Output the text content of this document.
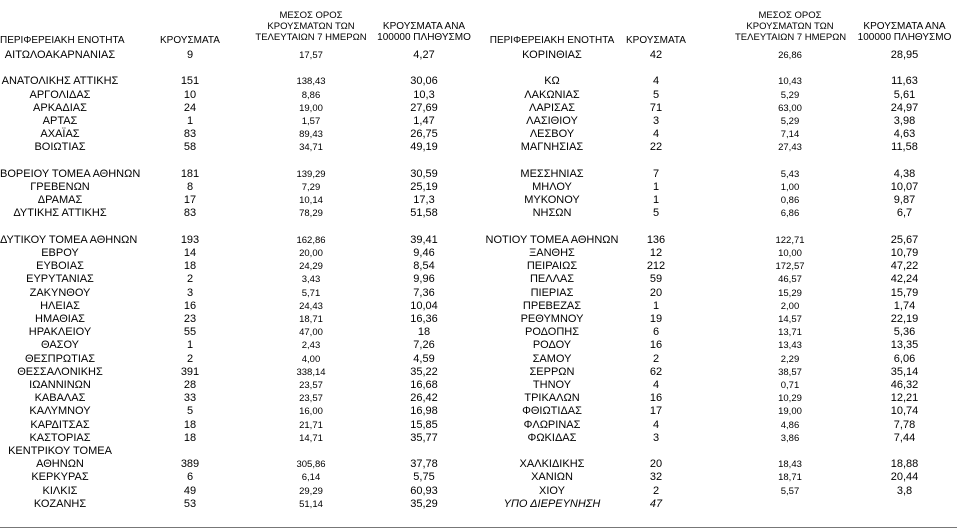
ΠΕΡΙΦΕΡΕΙΑΚΗ ΕΝΟΤΗΤΑ	ΚΡΟΥΣΜΑΤΑ
ΜΕΣΟΣ ΟΡΟΣ
ΚΡΟΥΣΜΑΤΩΝ ΤΩΝ
ΤΕΛΕΥΤΑΙΩΝ 7 ΗΜΕΡΩΝ
ΚΡΟΥΣΜΑΤΑ ΑΝΑ
100000 ΠΛΗΘΥΣΜΟ	ΠΕΡΙΦΕΡΕΙΑΚΗ ΕΝΟΤΗΤΑ	ΚΡΟΥΣΜΑΤΑ
ΜΕΣΟΣ ΟΡΟΣ
ΚΡΟΥΣΜΑΤΩΝ ΤΩΝ
ΤΕΛΕΥΤΑΙΩΝ 7 ΗΜΕΡΩΝ
ΚΡΟΥΣΜΑΤΑ ΑΝΑ
100000 ΠΛΗΘΥΣΜΟ
ΑΙΤΩΛΟΑΚΑΡΝΑΝΙΑΣ	9	17,57	4,27	ΚΟΡΙΝΘΙΑΣ	42	26,86	28,95
ΑΝΑΤΟΛΙΚΗΣ ΑΤΤΙΚΗΣ	151	138,43	30,06	ΚΩ	4	10,43	11,63
ΑΡΓΟΛΙΔΑΣ	10	8,86	10,3	ΛΑΚΩΝΙΑΣ	5	5,29	5,61
ΑΡΚΑΔΙΑΣ	24	19,00	27,69	ΛΑΡΙΣΑΣ	71	63,00	24,97
ΑΡΤΑΣ	1	1,57	1,47	ΛΑΣΙΘΙΟΥ	3	5,29	3,98
ΑΧΑΪΑΣ	83	89,43	26,75	ΛΕΣΒΟΥ	4	7,14	4,63
ΒΟΙΩΤΙΑΣ	58	34,71	49,19	ΜΑΓΝΗΣΙΑΣ	22	27,43	11,58
ΒΟΡΕΙΟΥ ΤΟΜΕΑ ΑΘΗΝΩΝ	181	139,29	30,59	ΜΕΣΣΗΝΙΑΣ	7	5,43	4,38
ΓΡΕΒΕΝΩΝ	8	7,29	25,19	ΜΗΛΟΥ	1	1,00	10,07
ΔΡΑΜΑΣ	17	10,14	17,3	ΜΥΚΟΝΟΥ	1	0,86	9,87
ΔΥΤΙΚΗΣ ΑΤΤΙΚΗΣ	83	78,29	51,58	ΝΗΣΩΝ	5	6,86	6,7
ΔΥΤΙΚΟΥ ΤΟΜΕΑ ΑΘΗΝΩΝ	193	162,86	39,41	ΝΟΤΙΟΥ ΤΟΜΕΑ ΑΘΗΝΩΝ	136	122,71	25,67
ΕΒΡΟΥ	14	20,00	9,46	ΞΑΝΘΗΣ	12	10,00	10,79
ΕΥΒΟΙΑΣ	18	24,29	8,54	ΠΕΙΡΑΙΩΣ	212	172,57	47,22
ΕΥΡΥΤΑΝΙΑΣ	2	3,43	9,96	ΠΕΛΛΑΣ	59	46,57	42,24
ΖΑΚΥΝΘΟΥ	3	5,71	7,36	ΠΙΕΡΙΑΣ	20	15,29	15,79
ΗΛΕΙΑΣ	16	24,43	10,04	ΠΡΕΒΕΖΑΣ	1	2,00	1,74
ΗΜΑΘΙΑΣ	23	18,71	16,36	ΡΕΘΥΜΝΟΥ	19	14,57	22,19
ΗΡΑΚΛΕΙΟΥ	55	47,00	18	ΡΟΔΟΠΗΣ	6	13,71	5,36
ΘΑΣΟΥ	1	2,43	7,26	ΡΟΔΟΥ	16	13,43	13,35
ΘΕΣΠΡΩΤΙΑΣ	2	4,00	4,59	ΣΑΜΟΥ	2	2,29	6,06
ΘΕΣΣΑΛΟΝΙΚΗΣ	391	338,14	35,22	ΣΕΡΡΩΝ	62	38,57	35,14
ΙΩΑΝΝΙΝΩΝ	28	23,57	16,68	ΤΗΝΟΥ	4	0,71	46,32
ΚΑΒΑΛΑΣ	33	23,57	26,42	ΤΡΙΚΑΛΩΝ	16	10,29	12,21
ΚΑΛΥΜΝΟΥ	5	16,00	16,98	ΦΘΙΩΤΙΔΑΣ	17	19,00	10,74
ΚΑΡΔΙΤΣΑΣ	18	21,71	15,85	ΦΛΩΡΙΝΑΣ	4	4,86	7,78
ΚΑΣΤΟΡΙΑΣ	18	14,71	35,77	ΦΩΚΙΔΑΣ	3	3,86	7,44
ΚΕΝΤΡΙΚΟΥ ΤΟΜΕΑ
ΑΘΗΝΩΝ	389	305,86	37,78	ΧΑΛΚΙΔΙΚΗΣ	20	18,43	18,88
ΚΕΡΚΥΡΑΣ	6	6,14	5,75	ΧΑΝΙΩΝ	32	18,71	20,44
ΚΙΛΚΙΣ	49	29,29	60,93	ΧΙΟΥ	2	5,57	3,8
ΚΟΖΑΝΗΣ	53	51,14	35,29	ΥΠΟ ΔΙΕΡΕΥΝΗΣΗ	47
